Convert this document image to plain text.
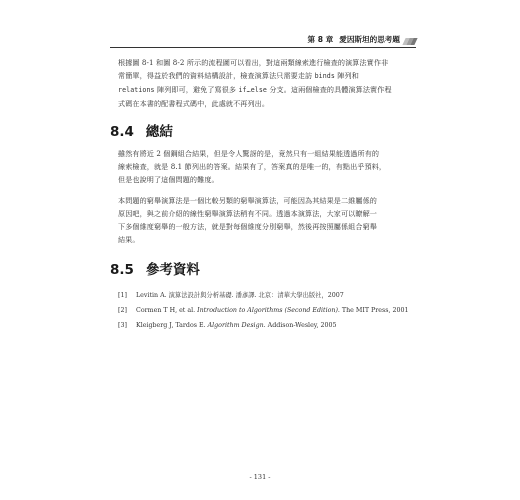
第 8 章 愛因斯坦的思考題

根據圖 8-1 和圖 8-2 所示的流程圖可以看出，對這兩類線索進行檢查的演算法實作非
常簡單，得益於我們的資料結構設計，檢查演算法只需要走訪 binds 陣列和
relations 陣列即可，避免了寫很多 if…else 分支。這兩個檢查的具體演算法實作程
式碼在本書的配書程式碼中，此處就不再列出。

8.4 總結

雖然有將近 2 個鋼組合結果，但是令人驚訝的是，竟然只有一組結果能透過所有的
線索檢查，就是 8.1 節列出的答案。結果有了，答案真的是唯一的，有點出乎預料，
但是也說明了這個問題的難度。

本問題的窮舉演算法是一個比較另類的窮舉演算法，可能因為其結果是二維屬係的
原因吧，與之前介紹的線性窮舉演算法稍有不同。透過本演算法，大家可以瞭解一
下多個維度窮舉的一般方法，就是對每個維度分別窮舉，然後再按照屬係組合窮舉
結果。

8.5 參考資料
[1] Levitin A. 演算法設計與分析基礎. 潘彥譯. 北京：清華大學出版社，2007
[2] Cormen T H, et al. Introduction to Algorithms (Second Edition). The MIT Press, 2001
[3] Kleigberg J, Tardos E. Algorithm Design. Addison-Wesley, 2005
- 131 -
